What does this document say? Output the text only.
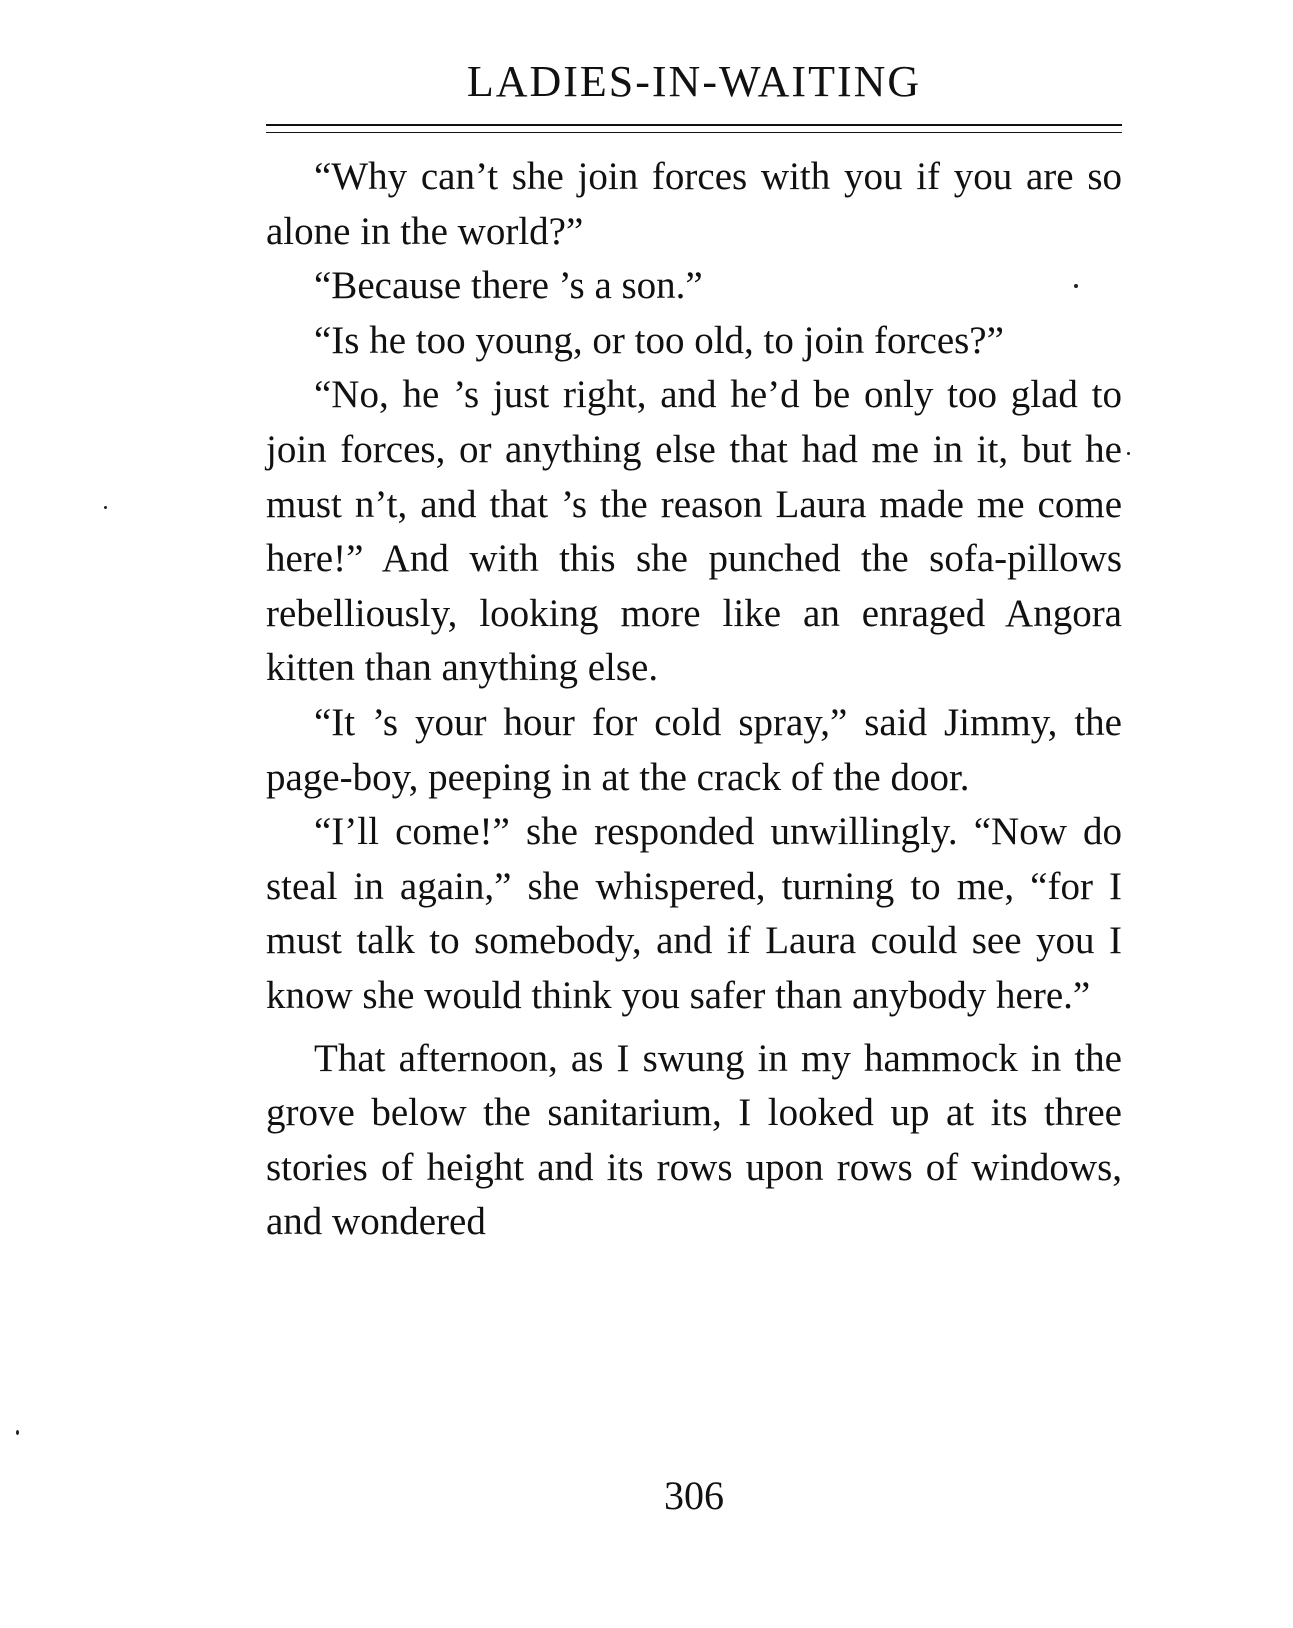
LADIES-IN-WAITING

“Why can’t she join forces with you if you are so alone in the world?”

“Because there ’s a son.”

“Is he too young, or too old, to join forces?”

“No, he ’s just right, and he’d be only too glad to join forces, or anything else that had me in it, but he must n’t, and that ’s the reason Laura made me come here!” And with this she punched the sofa-pillows rebelliously, looking more like an enraged Angora kitten than anything else.

“It ’s your hour for cold spray,” said Jimmy, the page-boy, peeping in at the crack of the door.

“I’ll come!” she responded unwillingly. “Now do steal in again,” she whispered, turning to me, “for I must talk to somebody, and if Laura could see you I know she would think you safer than anybody here.”

That afternoon, as I swung in my hammock in the grove below the sanitarium, I looked up at its three stories of height and its rows upon rows of windows, and wondered

306
